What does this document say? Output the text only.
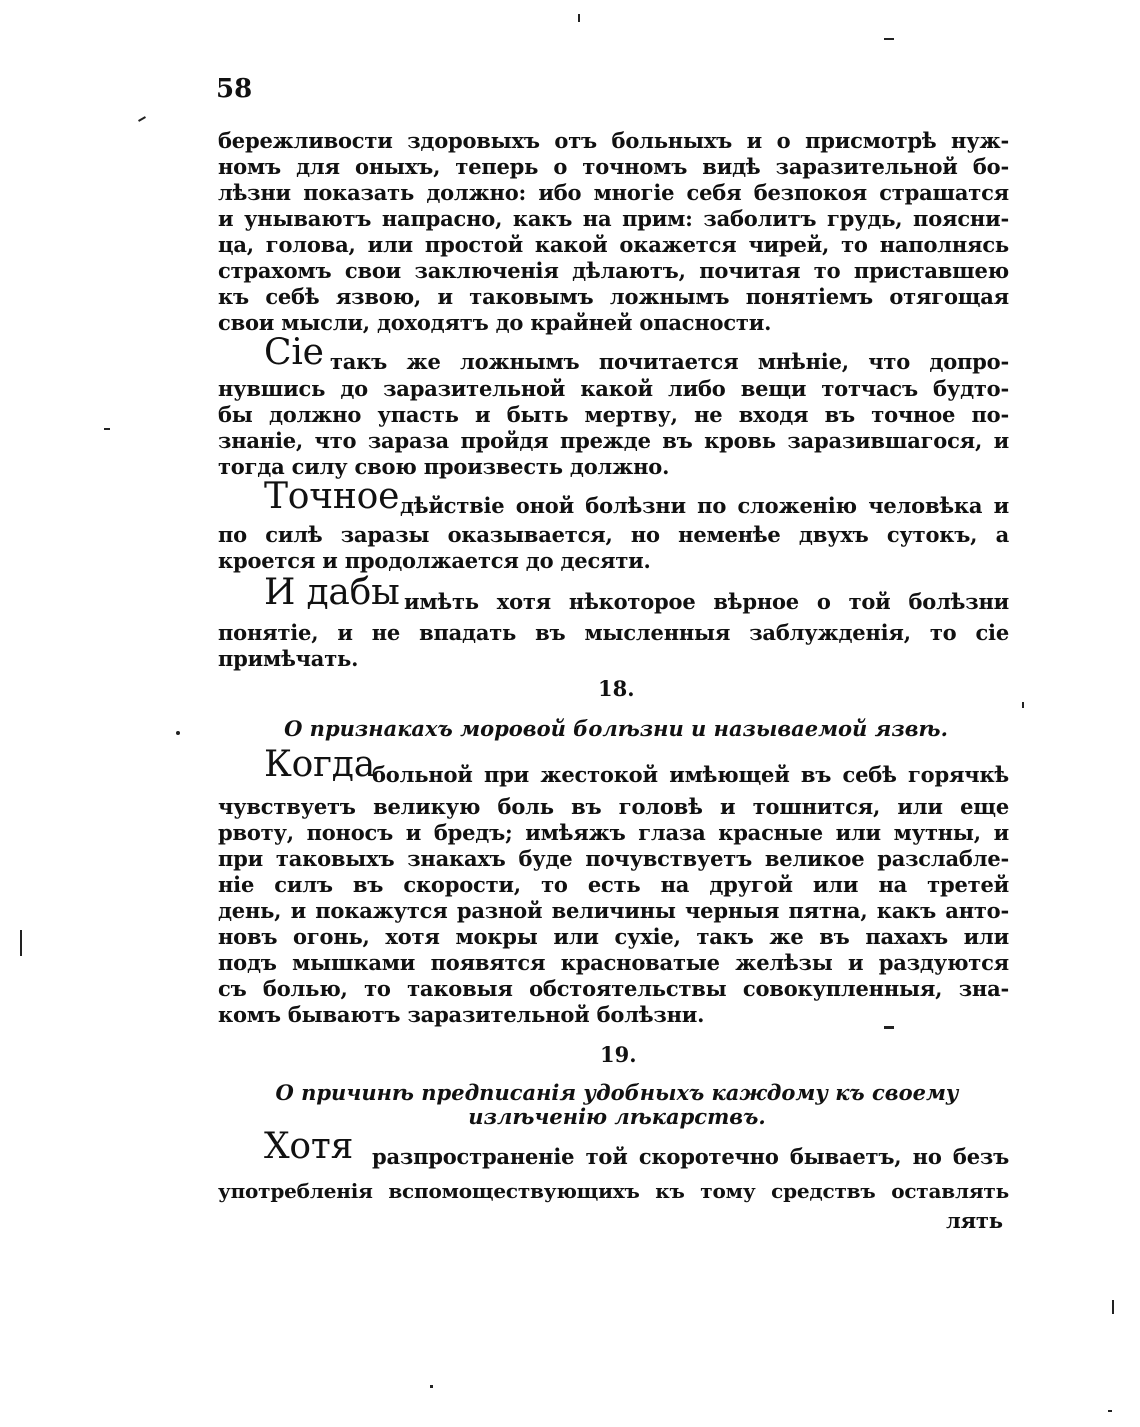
58
бережливости здоровыхъ отъ больныхъ и о присмотрѣ нуж-
номъ для оныхъ, теперь о точномъ видѣ заразительной бо-
лѣзни показать должно: ибо многіе себя безпокоя страшатся
и унываютъ напрасно, какъ на прим: заболитъ грудь, поясни-
ца, голова, или простой какой окажется чирей, то наполнясь
страхомъ свои заключенія дѣлаютъ, почитая то приставшею
къ себѣ язвою, и таковымъ ложнымъ понятіемъ отягощая
свои мысли, доходятъ до крайней опасности.
Сіе такъ же ложнымъ почитается мнѣніе, что допро-
нувшись до заразительной какой либо вещи тотчасъ будто-
бы должно упасть и быть мертву, не входя въ точное по-
знаніе, что зараза пройдя прежде въ кровь заразившагося, и
тогда силу свою произвесть должно.
Точное дѣйствіе оной болѣзни по сложенію человѣка и
по силѣ заразы оказывается, но неменѣе двухъ сутокъ, а
кроется и продолжается до десяти.
И дабы имѣть хотя нѣкоторое вѣрное о той болѣзни
понятіе, и не впадать въ мысленныя заблужденія, то сіе
примѣчать.
18.
О признакахъ моровой болѣзни и называемой язвѣ.
Когда
больной при жестокой имѣющей въ себѣ горячкѣ
чувствуетъ великую боль въ головѣ и тошнится, или еще
рвоту, поносъ и бредъ; имѣяжъ глаза красные или мутны, и
при таковыхъ знакахъ буде почувствуетъ великое разслабле-
ніе силъ въ скорости, то есть на другой или на третей
день, и покажутся разной величины черныя пятна, какъ анто-
новъ огонь, хотя мокры или сухіе, такъ же въ пахахъ или
подъ мышками появятся красноватые желѣзы и раздуются
съ болью, то таковыя обстоятельствы совокупленныя, зна-
комъ бываютъ заразительной болѣзни.
19.
О причинѣ предписанія удобныхъ каждому къ своему
излѣченію лѣкарствъ.
Хотя разпространеніе той скоротечно бываетъ, но безъ
употребленія вспомоществующихъ къ тому средствъ оставлять
лять
